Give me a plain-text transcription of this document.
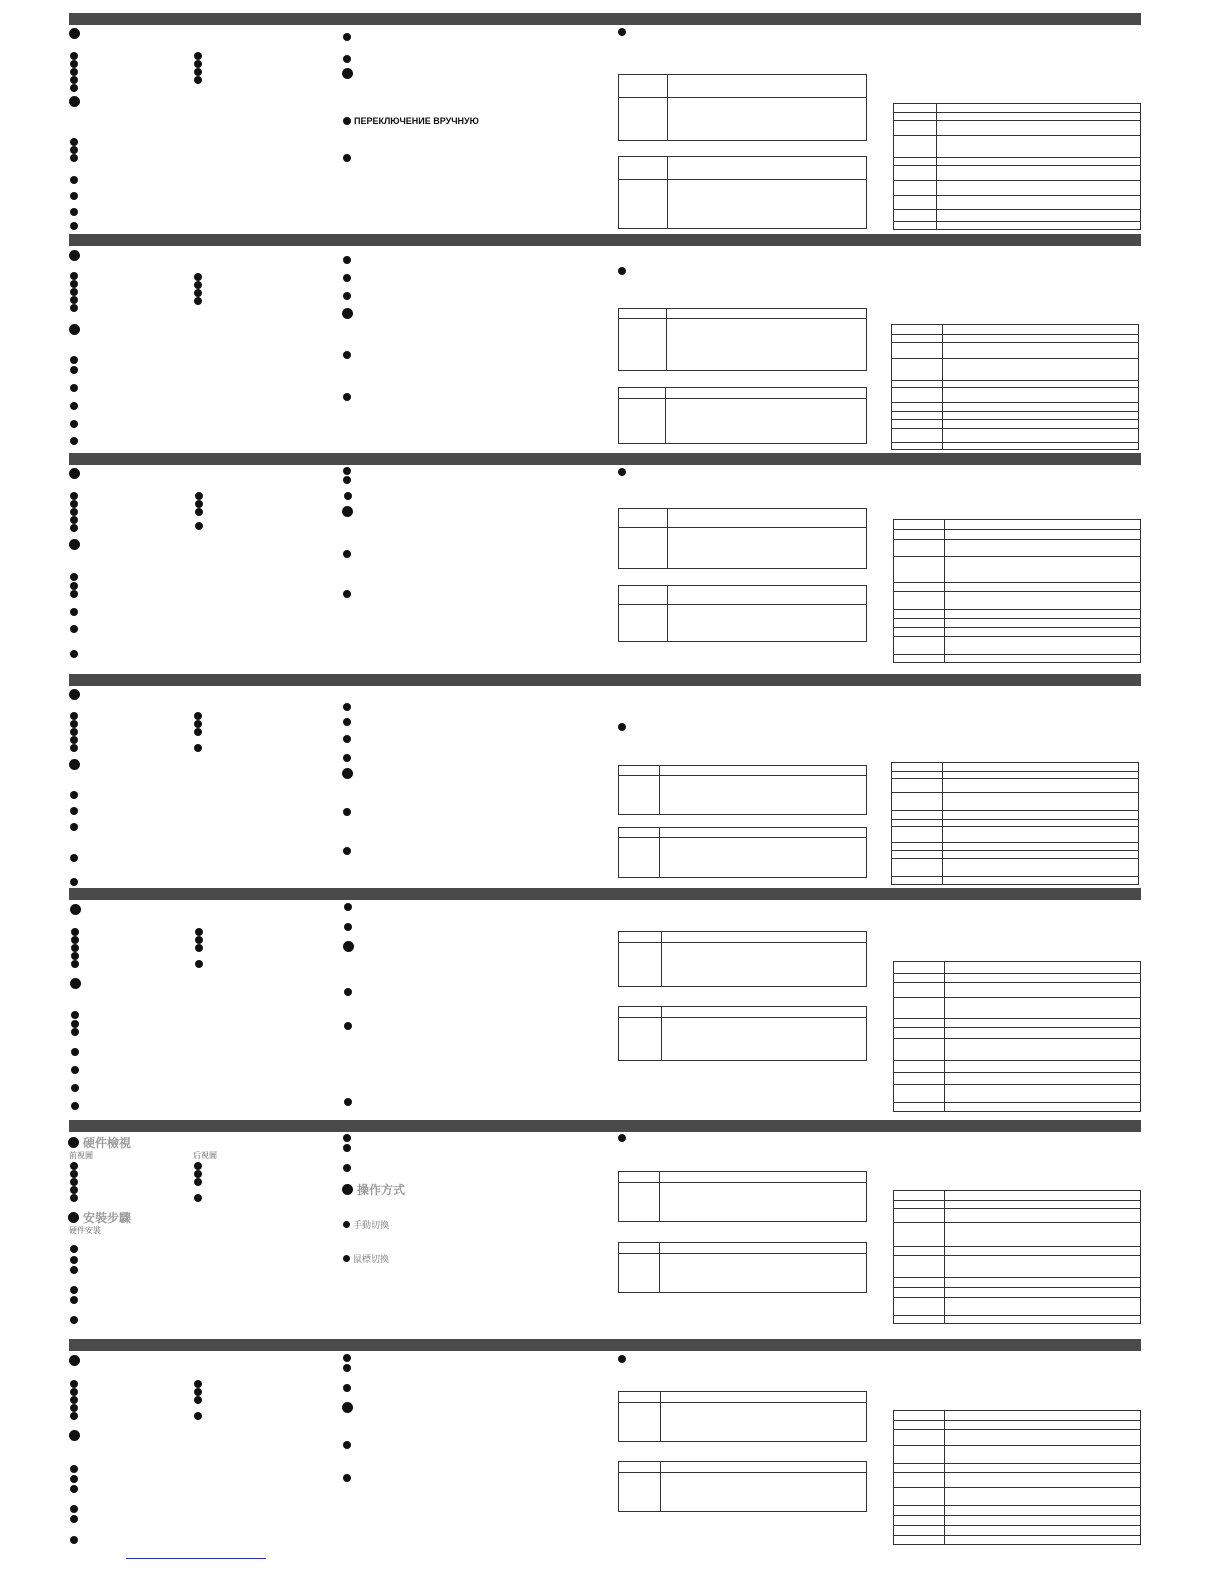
ПЕРЕКЛЮЧЕНИЕ ВРУЧНУЮ
硬件檢視
前視圖	后視圖
安裝步驟
硬件安裝
操作方式
手動切換
鼠標切換
